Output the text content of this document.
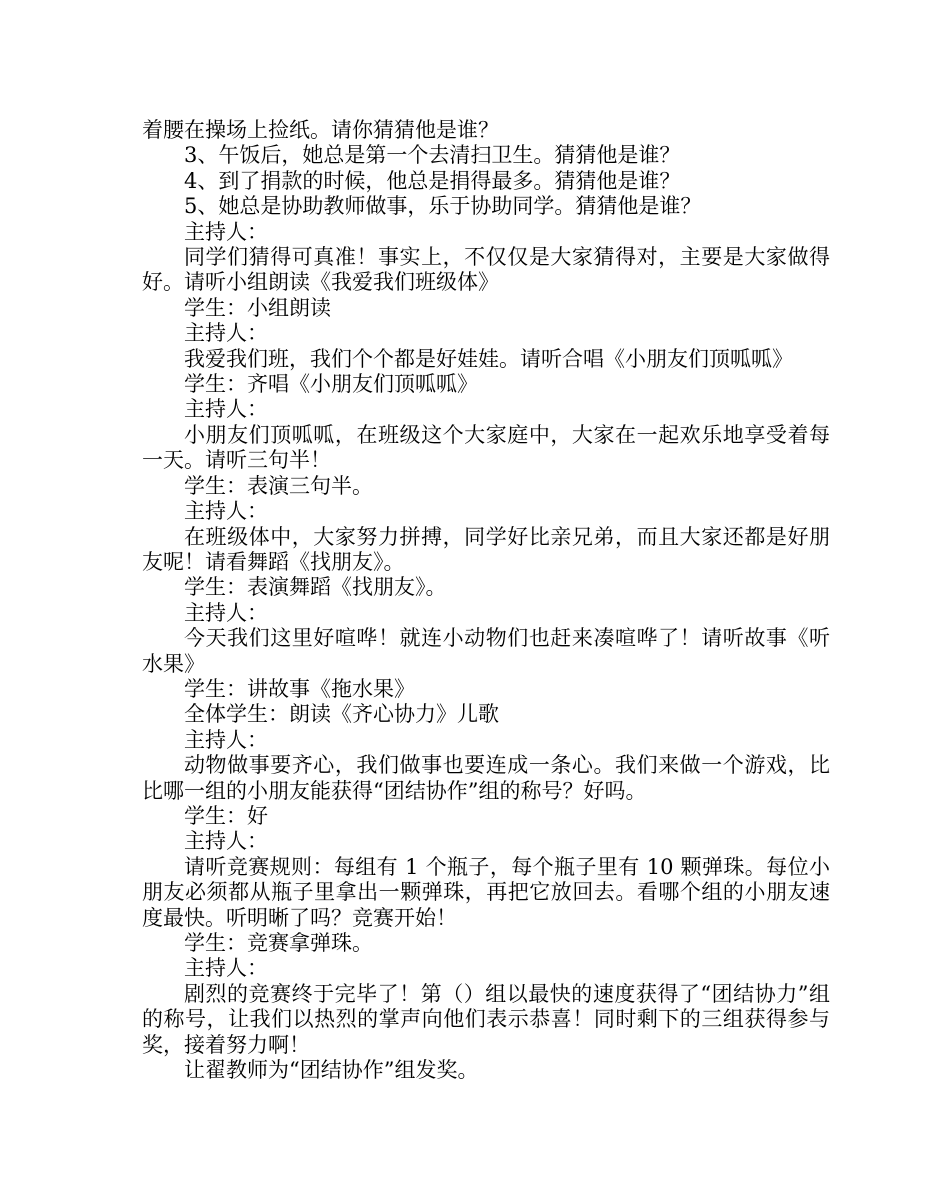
着腰在操场上捡纸。请你猜猜他是谁？

3、午饭后，她总是第一个去清扫卫生。猜猜他是谁？

4、到了捐款的时候，他总是捐得最多。猜猜他是谁？

5、她总是协助教师做事，乐于协助同学。猜猜他是谁？

主持人：

同学们猜得可真准！事实上，不仅仅是大家猜得对，主要是大家做得好。请听小组朗读《我爱我们班级体》

学生：小组朗读

主持人：

我爱我们班，我们个个都是好娃娃。请听合唱《小朋友们顶呱呱》

学生：齐唱《小朋友们顶呱呱》

主持人：

小朋友们顶呱呱，在班级这个大家庭中，大家在一起欢乐地享受着每一天。请听三句半！

学生：表演三句半。

主持人：

在班级体中，大家努力拼搏，同学好比亲兄弟，而且大家还都是好朋友呢！请看舞蹈《找朋友》。

学生：表演舞蹈《找朋友》。

主持人：

今天我们这里好喧哗！就连小动物们也赶来凑喧哗了！请听故事《听水果》

学生：讲故事《拖水果》

全体学生：朗读《齐心协力》儿歌

主持人：

动物做事要齐心，我们做事也要连成一条心。我们来做一个游戏，比比哪一组的小朋友能获得“团结协作”组的称号？好吗。

学生：好

主持人：

请听竞赛规则：每组有 1 个瓶子，每个瓶子里有 10 颗弹珠。每位小朋友必须都从瓶子里拿出一颗弹珠，再把它放回去。看哪个组的小朋友速度最快。听明晰了吗？竞赛开始！

学生：竞赛拿弹珠。

主持人：

剧烈的竞赛终于完毕了！第（）组以最快的速度获得了“团结协力”组的称号，让我们以热烈的掌声向他们表示恭喜！同时剩下的三组获得参与奖，接着努力啊！

让翟教师为“团结协作”组发奖。
